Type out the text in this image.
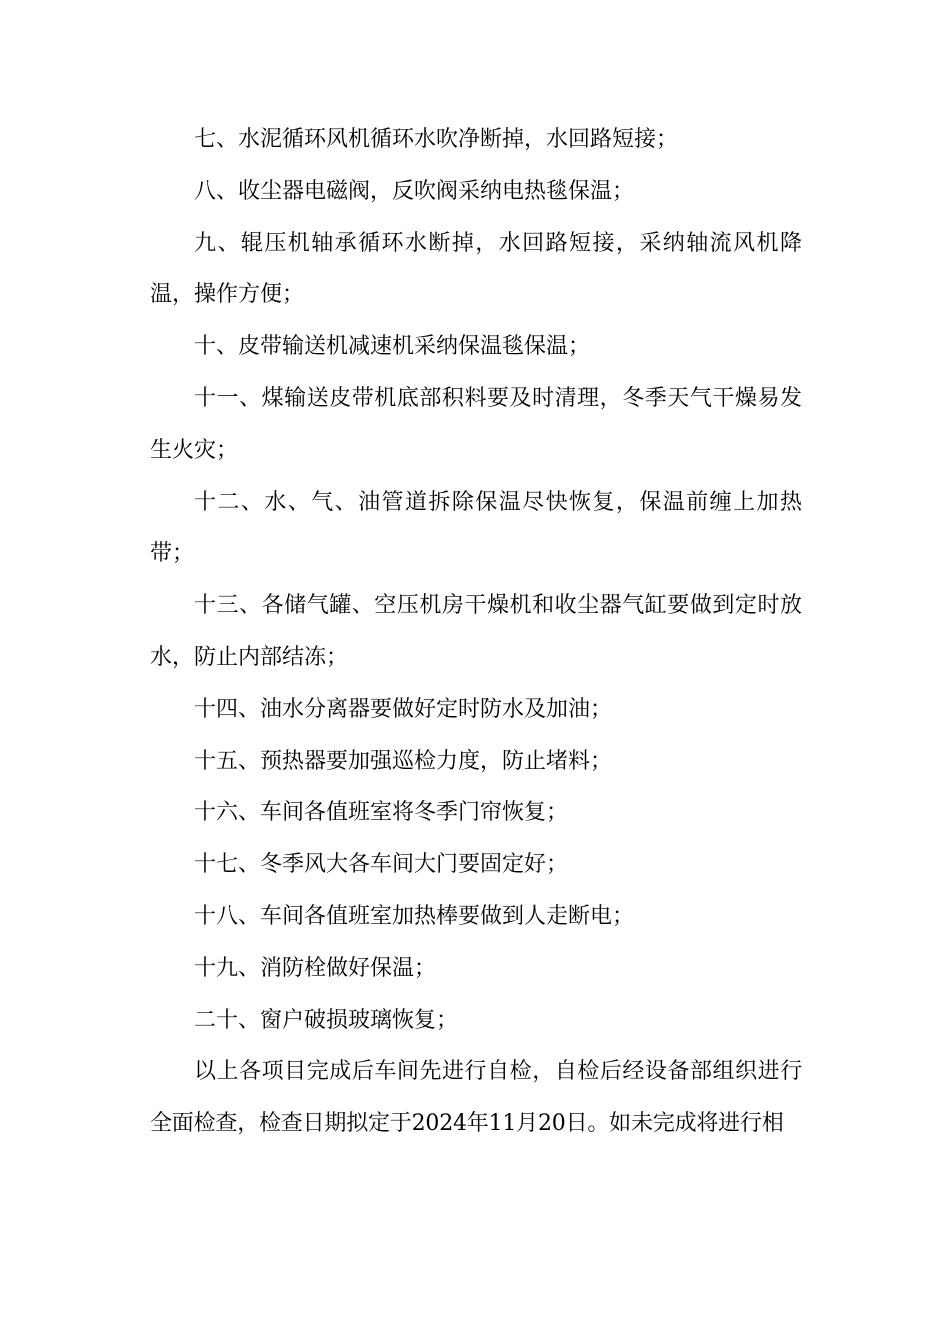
七、水泥循环风机循环水吹净断掉，水回路短接；

八、收尘器电磁阀，反吹阀采纳电热毯保温；

九、辊压机轴承循环水断掉，水回路短接，采纳轴流风机降温，操作方便；

十、皮带输送机减速机采纳保温毯保温；

十一、煤输送皮带机底部积料要及时清理，冬季天气干燥易发生火灾；

十二、水、气、油管道拆除保温尽快恢复，保温前缠上加热带；

十三、各储气罐、空压机房干燥机和收尘器气缸要做到定时放水，防止内部结冻；

十四、油水分离器要做好定时防水及加油；

十五、预热器要加强巡检力度，防止堵料；

十六、车间各值班室将冬季门帘恢复；

十七、冬季风大各车间大门要固定好；

十八、车间各值班室加热棒要做到人走断电；

十九、消防栓做好保温；

二十、窗户破损玻璃恢复；

以上各项目完成后车间先进行自检，自检后经设备部组织进行全面检查，检查日期拟定于2024年11月20日。如未完成将进行相
